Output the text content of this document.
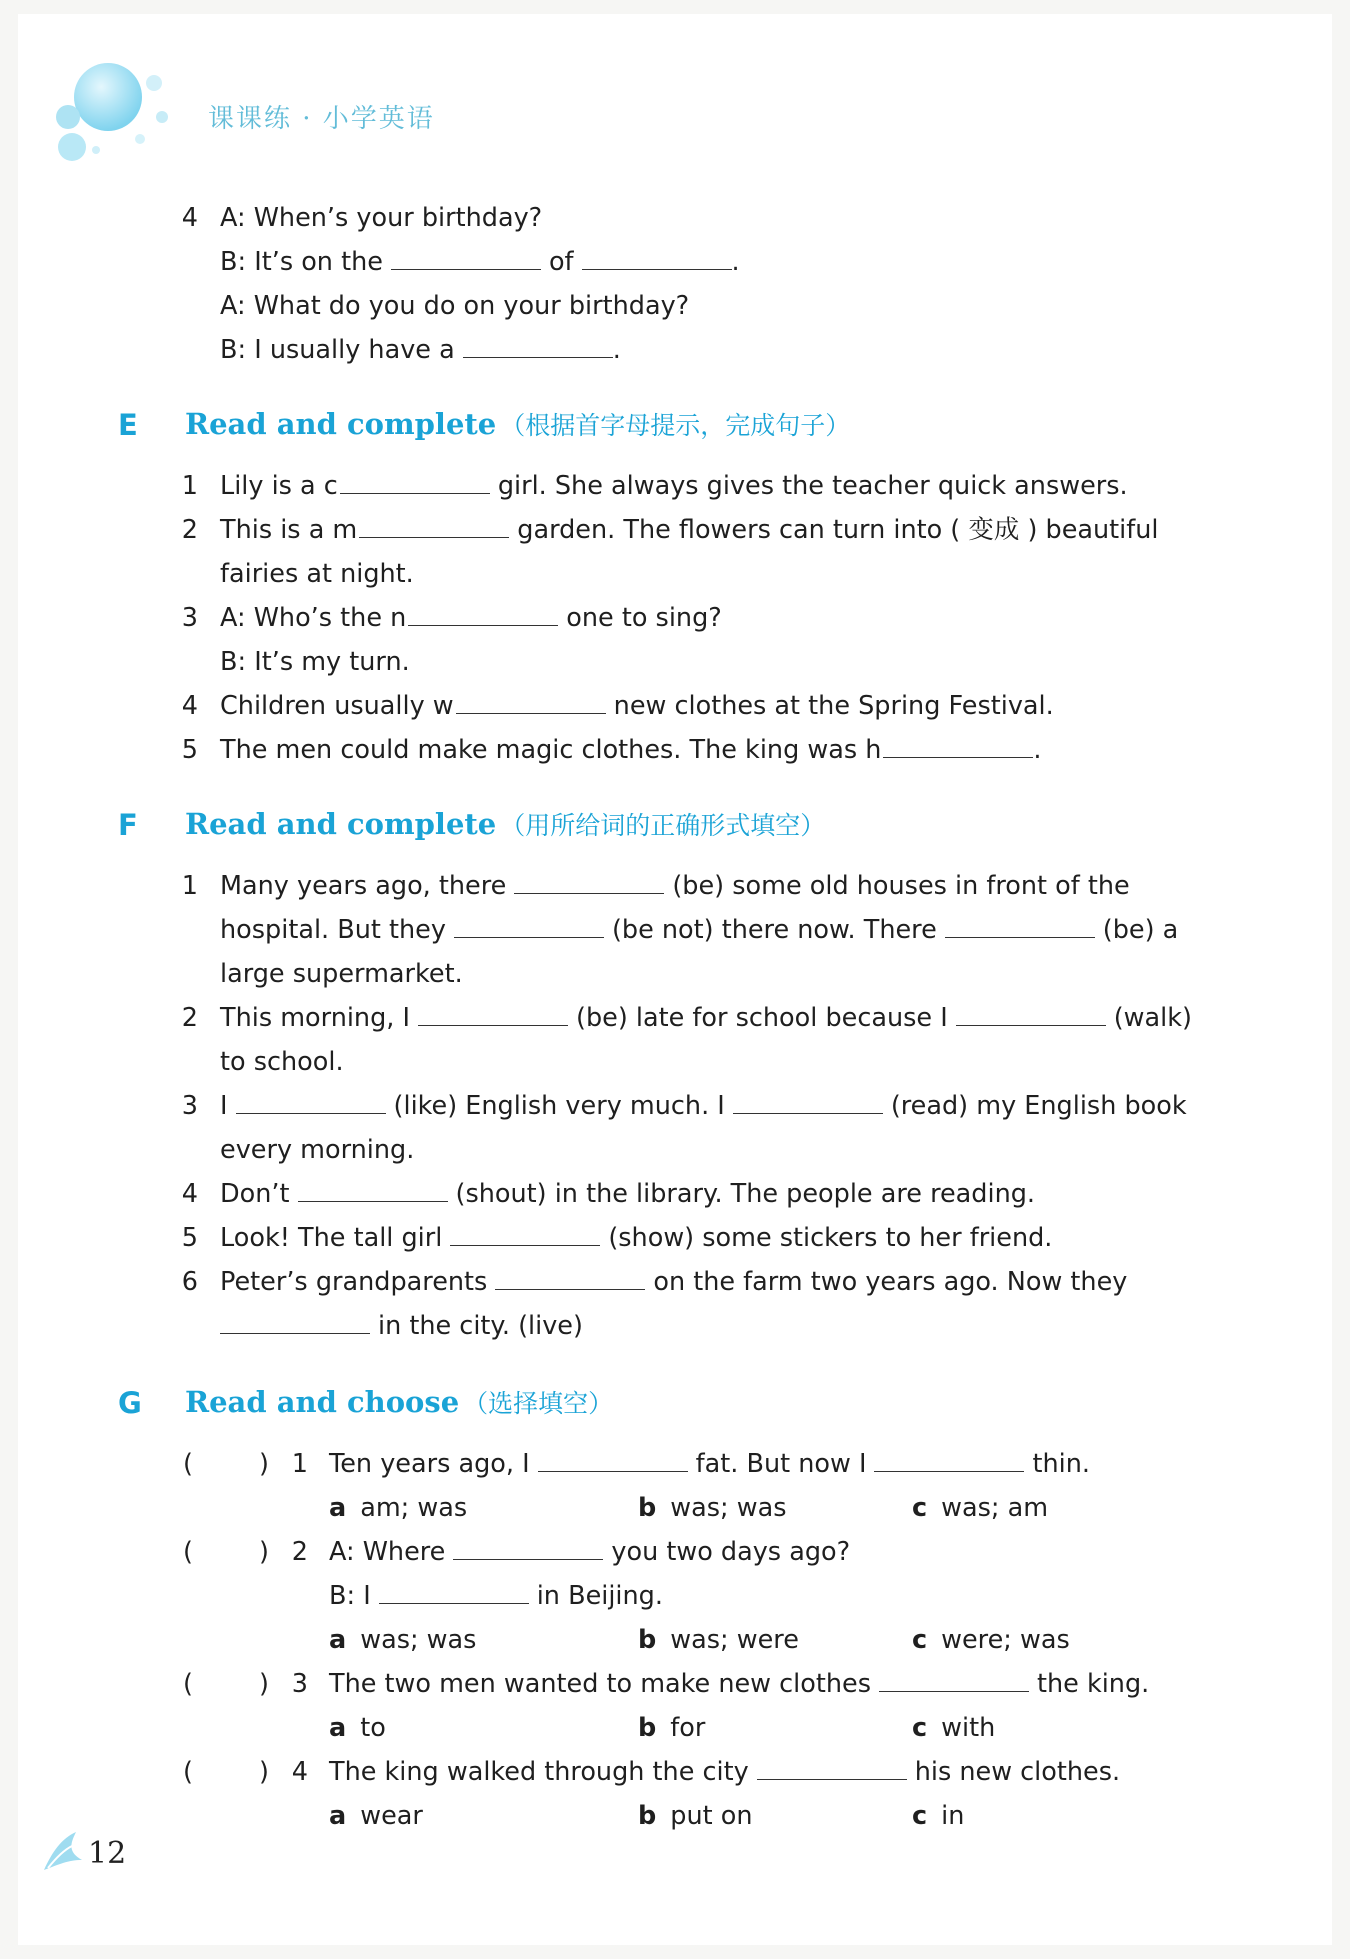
课课练 · 小学英语
4 A: When’s your birthday?
B: It’s on the	of	.
A: What do you do on your birthday?
B: I usually have a	.
E Read and complete （根据首字母提示，完成句子）
1 Lily is a c	girl. She always gives the teacher quick answers.
2 This is a m	garden. The flowers can turn into ( 变成 ) beautiful
fairies at night.
3 A: Who’s the n	one to sing?
B: It’s my turn.
4 Children usually w	new clothes at the Spring Festival.
5 The men could make magic clothes. The king was h	.
F Read and complete （用所给词的正确形式填空）
1 Many years ago, there	(be) some old houses in front of the
hospital. But they	(be not) there now. There	(be) a
large supermarket.
2 This morning, I	(be) late for school because I	(walk)
to school.
3 I	(like) English very much. I	(read) my English book
every morning.
4 Don’t	(shout) in the library. The people are reading.
5 Look! The tall girl	(show) some stickers to her friend.
6 Peter’s grandparents	on the farm two years ago. Now they
in the city. (live)
G Read and choose （选择填空）
(	) 1 Ten years ago, I	fat. But now I	thin.
a am; was	b was; was	c was; am
(	) 2 A: Where	you two days ago?
B: I	in Beijing.
a was; was	b was; were	c were; was
(	) 3 The two men wanted to make new clothes	the king.
a to	b for	c with
(	) 4 The king walked through the city	his new clothes.
a wear	b put on	c in
12
